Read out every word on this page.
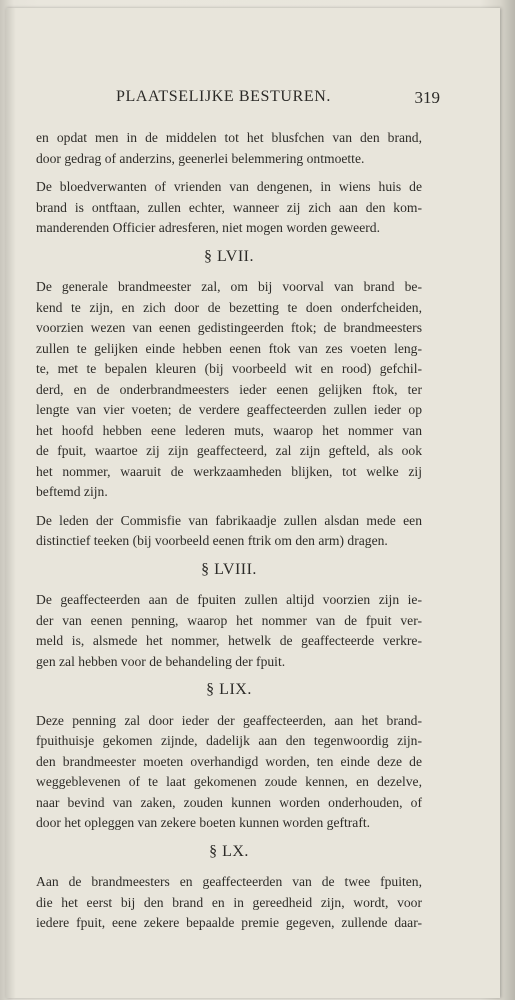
PLAATSELIJKE BESTUREN.	319

en opdat men in de middelen tot het blusfchen van den brand,
door gedrag of anderzins, geenerlei belemmering ontmoette.

De bloedverwanten of vrienden van dengenen, in wiens huis de
brand is ontftaan, zullen echter, wanneer zij zich aan den kom-
manderenden Officier adresferen, niet mogen worden geweerd.

§ LVII.

De generale brandmeester zal, om bij voorval van brand be-
kend te zijn, en zich door de bezetting te doen onderfcheiden,
voorzien wezen van eenen gedistingeerden ftok; de brandmeesters
zullen te gelijken einde hebben eenen ftok van zes voeten leng-
te, met te bepalen kleuren (bij voorbeeld wit en rood) gefchil-
derd, en de onderbrandmeesters ieder eenen gelijken ftok, ter
lengte van vier voeten; de verdere geaffecteerden zullen ieder op
het hoofd hebben eene lederen muts, waarop het nommer van
de fpuit, waartoe zij zijn geaffecteerd, zal zijn gefteld, als ook
het nommer, waaruit de werkzaamheden blijken, tot welke zij
beftemd zijn.

De leden der Commisfie van fabrikaadje zullen alsdan mede een
distinctief teeken (bij voorbeeld eenen ftrik om den arm) dragen.

§ LVIII.

De geaffecteerden aan de fpuiten zullen altijd voorzien zijn ie-
der van eenen penning, waarop het nommer van de fpuit ver-
meld is, alsmede het nommer, hetwelk de geaffecteerde verkre-
gen zal hebben voor de behandeling der fpuit.

§ LIX.

Deze penning zal door ieder der geaffecteerden, aan het brand-
fpuithuisje gekomen zijnde, dadelijk aan den tegenwoordig zijn-
den brandmeester moeten overhandigd worden, ten einde deze de
weggeblevenen of te laat gekomenen zoude kennen, en dezelve,
naar bevind van zaken, zouden kunnen worden onderhouden, of
door het opleggen van zekere boeten kunnen worden geftraft.

§ LX.

Aan de brandmeesters en geaffecteerden van de twee fpuiten,
die het eerst bij den brand en in gereedheid zijn, wordt, voor
iedere fpuit, eene zekere bepaalde premie gegeven, zullende daar-
